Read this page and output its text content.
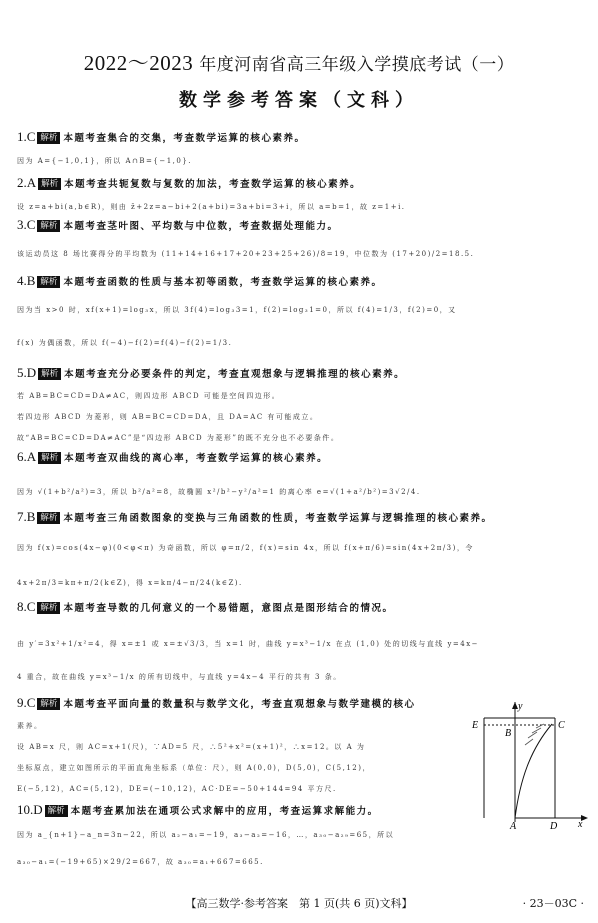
2022～2023 年度河南省高三年级入学摸底考试（一）
数学参考答案（文科）
1.C 解析 本题考查集合的交集，考查数学运算的核心素养。
因为 A={−1,0,1}，所以 A∩B={−1,0}.
2.A 解析 本题考查共轭复数与复数的加法，考查数学运算的核心素养。
设 z=a+bi(a,b∈R)，则由 z̄+2z=a−bi+2(a+bi)=3a+bi=3+i，所以 a=b=1，故 z=1+i.
3.C 解析 本题考查茎叶图、平均数与中位数，考查数据处理能力。
该运动员这 8 场比赛得分的平均数为 (11+14+16+17+20+23+25+26)/8=19，中位数为 (17+20)/2=18.5.
4.B 解析 本题考查函数的性质与基本初等函数，考查数学运算的核心素养。
因为当 x>0 时，xf(x+1)=log₃x，所以 3f(4)=log₃3=1，f(2)=log₃1=0，所以 f(4)=1/3，f(2)=0，又
f(x) 为偶函数，所以 f(−4)−f(2)=f(4)−f(2)=1/3.
5.D 解析 本题考查充分必要条件的判定，考查直观想象与逻辑推理的核心素养。
若 AB=BC=CD=DA≠AC，则四边形 ABCD 可能是空间四边形。
若四边形 ABCD 为菱形，则 AB=BC=CD=DA，且 DA=AC 有可能成立。
故“AB=BC=CD=DA≠AC”是“四边形 ABCD 为菱形”的既不充分也不必要条件。
6.A 解析 本题考查双曲线的离心率，考查数学运算的核心素养。
因为 √(1+b²/a²)=3，所以 b²/a²=8，故椭圆 x²/b²−y²/a²=1 的离心率 e=√(1+a²/b²)=3√2/4.
7.B 解析 本题考查三角函数图象的变换与三角函数的性质，考查数学运算与逻辑推理的核心素养。
因为 f(x)=cos(4x−φ)(0<φ<π) 为奇函数，所以 φ=π/2，f(x)=sin 4x，所以 f(x+π/6)=sin(4x+2π/3)，令
4x+2π/3=kπ+π/2(k∈Z)，得 x=kπ/4−π/24(k∈Z).
8.C 解析 本题考查导数的几何意义的一个易错题，意图点是图形结合的情况。
由 y′=3x²+1/x²=4，得 x=±1 或 x=±√3/3，当 x=1 时，曲线 y=x³−1/x 在点 (1,0) 处的切线与直线 y=4x−
4 重合，故在曲线 y=x³−1/x 的所有切线中，与直线 y=4x−4 平行的共有 3 条。
9.C 解析 本题考查平面向量的数量积与数学文化，考查直观想象与数学建模的核心
素养。
设 AB=x 尺，则 AC=x+1(尺)，∵AD=5 尺，∴5²+x²=(x+1)²，∴x=12。以 A 为
坐标原点，建立如图所示的平面直角坐标系（单位：尺），则 A(0,0)，D(5,0)，C(5,12)，
E(−5,12)，AC=(5,12)，DE=(−10,12)，AC·DE=−50+144=94 平方尺.
10.D 解析 本题考查累加法在通项公式求解中的应用，考查运算求解能力。
因为 a_{n+1}−a_n=3n−22，所以 a₂−a₁=−19，a₃−a₂=−16，…，a₃₀−a₂₉=65，所以
a₃₀−a₁=(−19+65)×29/2=667，故 a₃₀=a₁+667=665.
E
B
C
A	D x
y
【高三数学·参考答案　第 1 页(共 6 页)文科】	· 23－03C ·
